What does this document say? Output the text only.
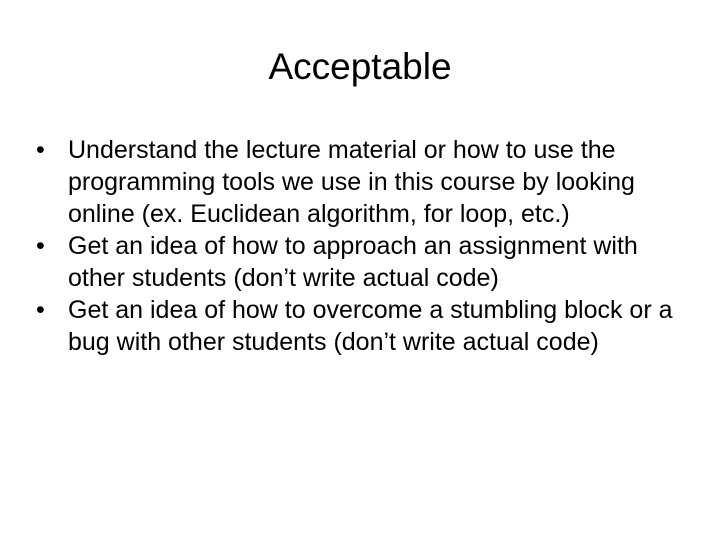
Acceptable
• Understand the lecture material or how to use the programming tools we use in this course by looking online (ex. Euclidean algorithm, for loop, etc.)
• Get an idea of how to approach an assignment with other students (don’t write actual code)
• Get an idea of how to overcome a stumbling block or a bug with other students (don’t write actual code)
